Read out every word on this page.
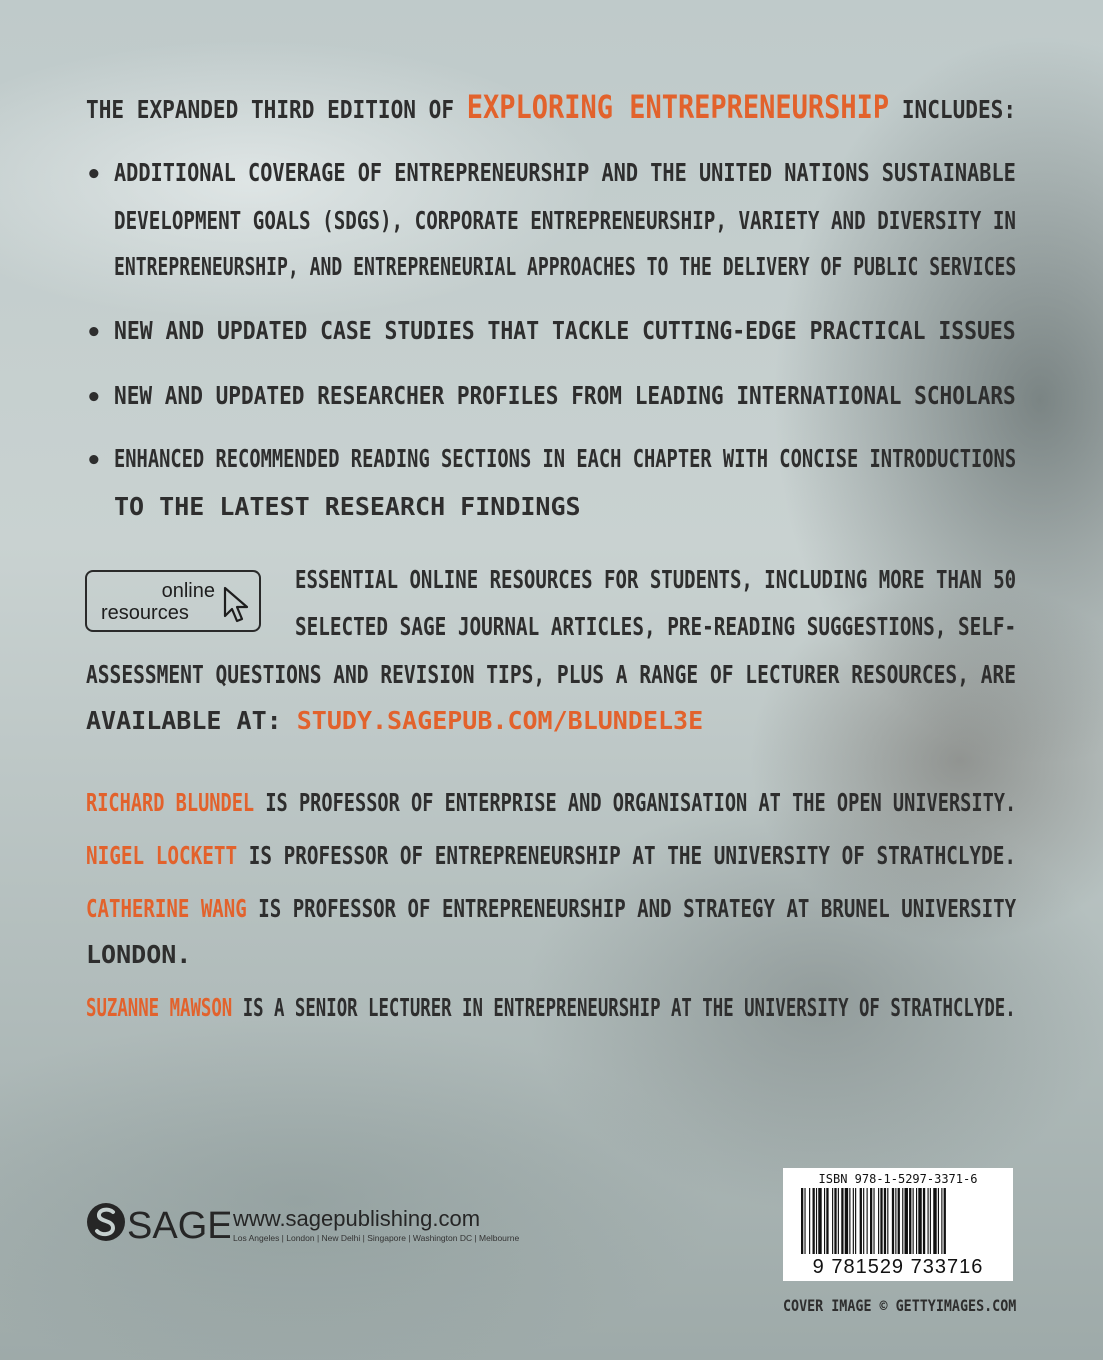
THE EXPANDED THIRD EDITION OF EXPLORING ENTREPRENEURSHIP INCLUDES:
• ADDITIONAL COVERAGE OF ENTREPRENEURSHIP AND THE UNITED NATIONS SUSTAINABLE
DEVELOPMENT GOALS (SDGS), CORPORATE ENTREPRENEURSHIP, VARIETY AND DIVERSITY IN
ENTREPRENEURSHIP, AND ENTREPRENEURIAL APPROACHES TO THE DELIVERY OF PUBLIC SERVICES
• NEW AND UPDATED CASE STUDIES THAT TACKLE CUTTING-EDGE PRACTICAL ISSUES
• NEW AND UPDATED RESEARCHER PROFILES FROM LEADING INTERNATIONAL SCHOLARS
• ENHANCED RECOMMENDED READING SECTIONS IN EACH CHAPTER WITH CONCISE INTRODUCTIONS
TO THE LATEST RESEARCH FINDINGS
online
resources
ESSENTIAL ONLINE RESOURCES FOR STUDENTS, INCLUDING MORE THAN 50
SELECTED SAGE JOURNAL ARTICLES, PRE-READING SUGGESTIONS, SELF-
ASSESSMENT QUESTIONS AND REVISION TIPS, PLUS A RANGE OF LECTURER RESOURCES, ARE
AVAILABLE AT: STUDY.SAGEPUB.COM/BLUNDEL3E
RICHARD BLUNDEL IS PROFESSOR OF ENTERPRISE AND ORGANISATION AT THE OPEN UNIVERSITY.
NIGEL LOCKETT IS PROFESSOR OF ENTREPRENEURSHIP AT THE UNIVERSITY OF STRATHCLYDE.
CATHERINE WANG IS PROFESSOR OF ENTREPRENEURSHIP AND STRATEGY AT BRUNEL UNIVERSITY
LONDON.
SUZANNE MAWSON IS A SENIOR LECTURER IN ENTREPRENEURSHIP AT THE UNIVERSITY OF STRATHCLYDE.
SAGE www.sagepublishing.com
Los Angeles | London | New Delhi | Singapore | Washington DC | Melbourne
ISBN 978-1-5297-3371-6
9 781529 733716
COVER IMAGE © GETTYIMAGES.COM
